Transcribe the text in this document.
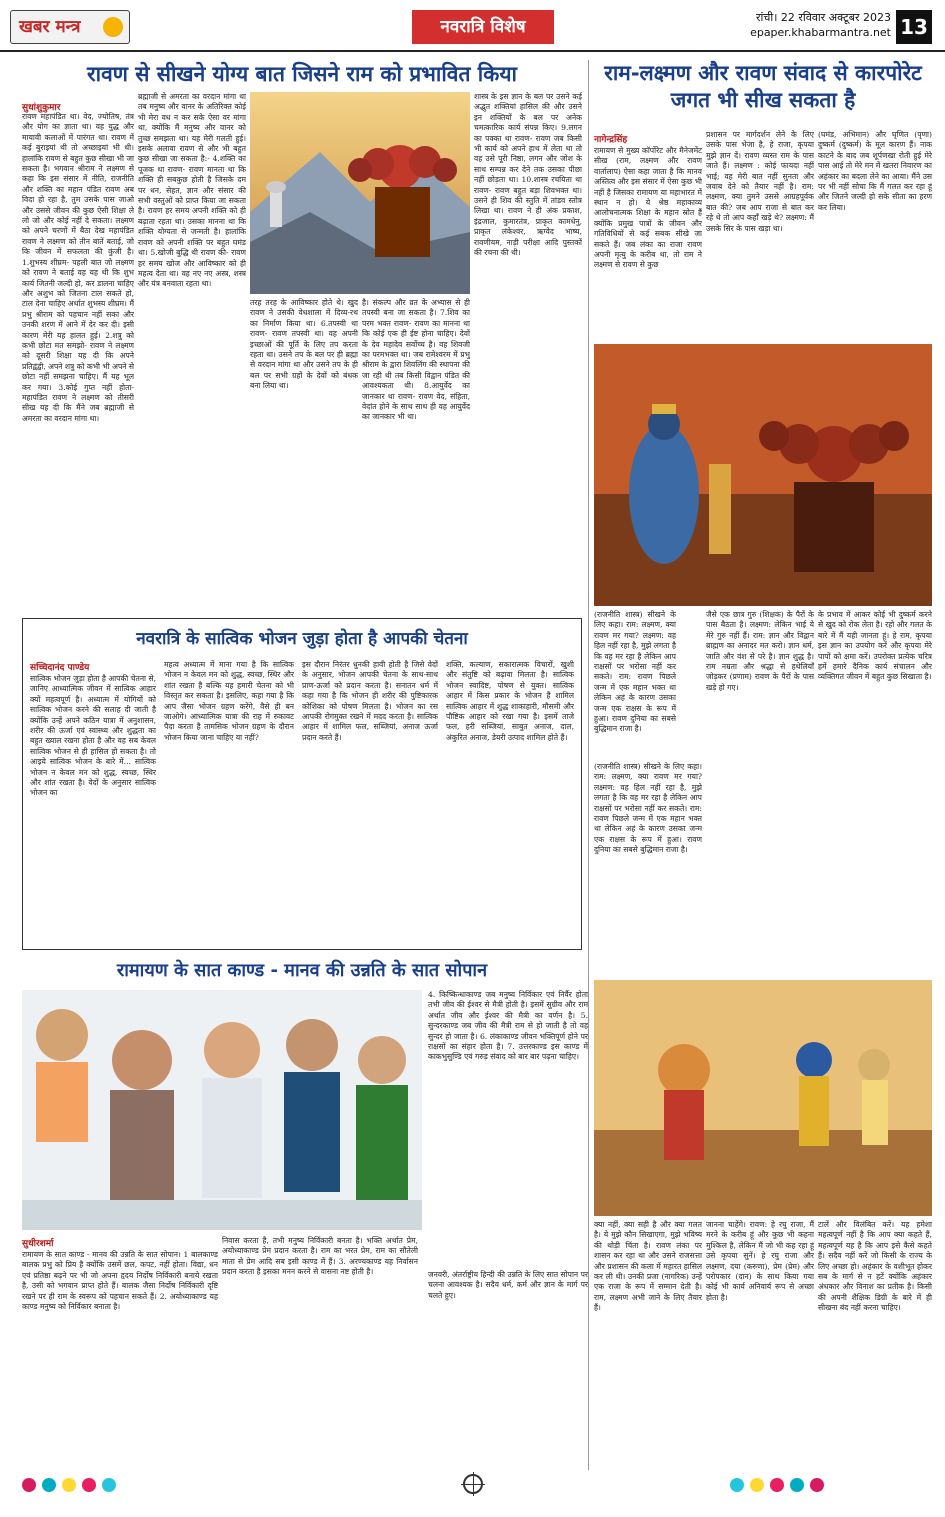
खबर मन्त्र	नवरात्रि विशेष	रांची। 22 रविवार अक्टूबर 2023
epaper.khabarmantra.net 13
रावण से सीखने योग्य बात जिसने राम को प्रभावित किया
सुधांशुकुमार
रावण महापंडित था। वेद, ज्योतिष, तंत्र और योग का ज्ञाता था। वह युद्ध और मायावी कलाओं में पारंगत था। रावण में कई बुराइयां थी तो अच्छाइयां भी थी। हालांकि रावण से बहुत कुछ सीखा भी जा सकता है। भगवान श्रीराम ने लक्ष्मण से कहा कि इस संसार में नीति, राजनीति और शक्ति का महान पंडित रावण अब विदा हो रहा है, तुम उसके पास जाओ और उससे जीवन की कुछ ऐसी शिक्षा ले लो जो और कोई नहीं दे सकता। लक्ष्मण को अपने चरणों में बैठा देख महापंडित रावण ने लक्ष्मण को तीन बातें बताई, जो कि जीवन में सफलता की कुंजी है। 1.शुभस्य शीघ्रम- पहली बात जो लक्ष्मण को रावण ने बताई वह यह थी कि शुभ कार्य जितनी जल्दी हो, कर डालना चाहिए और अशुभ को जितना टाल सकते हो, टाल देना चाहिए अर्थात शुभस्य शीघ्रम। मैं प्रभु श्रीराम को पहचान नहीं सका और उनकी शरण में आने में देर कर दी। इसी कारण मेरी यह हालत हुई। 2.शत्रु को कभी छोटा मत समझो- रावण ने लक्ष्मण को दूसरी शिक्षा यह दी कि अपने प्रतिद्वंद्वी, अपने शत्रु को कभी भी अपने से छोटा नहीं समझना चाहिए। मैं यह भूल कर गया। 3.कोई गुप्त नहीं होता- महापंडित रावण ने लक्ष्मण को तीसरी सीख यह दी कि मैंने जब ब्रह्माजी से अमरता का वरदान मांगा था।
ब्रह्माजी से अमरता का वरदान मांगा था तब मनुष्य और वानर के अतिरिक्त कोई भी मेरा वध न कर सके ऐसा वर मांगा था, क्योंकि मैं मनुष्य और वानर को तुच्छ समझता था। यह मेरी गलती हुई। इसके अलावा रावण से और भी बहुत कुछ सीखा जा सकता है:- 4.शक्ति का पूजक था रावण- रावण मानता था कि शक्ति ही सबकुछ होती है जिसके दम पर धन, सेहत, ज्ञान और संसार की सभी वस्तुओं को प्राप्त किया जा सकता है। रावण हर समय अपनी शक्ति को ही बढ़ाता रहता था। उसका मानना था कि शक्ति योग्यता से जन्मती है। हालांकि रावण को अपनी शक्ति पर बहुत घमंड था। 5.खोजी बुद्धि थी रावण की- रावण हर समय खोज और आविष्कार को ही महत्व देता था। वह नए नए अस्त्र, शस्त्र और यंत्र बनवाता रहता था।
तरह तरह के आविष्कार होते थे। खुद रावण ने उसकी वेधशाला में दिव्य-रथ का निर्माण किया था। 6.तपस्वी था रावण- रावण तपस्वी था। वह अपनी इच्छाओं की पूर्ति के लिए तप करता रहता था। उसने तप के बल पर ही ब्रह्मा से वरदान मांगा था और उसने तप के ही बल पर सभी ग्रहों के देवों को बंधक बना लिया था।
है। संकल्प और व्रत के अभ्यास से ही तपस्वी बना जा सकता है। 7.शिव का परम भक्त रावण- रावण का मानना था कि कोई एक ही ईष्ट होना चाहिए। देवों के देव महादेव सर्वोच्च है। वह शिवजी का परमभक्त था। जब रामेश्वरम में प्रभु श्रीराम के द्वारा शिवलिंग की स्थापना की जा रही थी तब किसी विद्वान पंडित की आवश्यकता थी। 8.आयुर्वेद का जानकार था रावण- रावण वेद, संहिता, वेदांत होने के साथ साथ ही वह आयुर्वेद का जानकार भी था।
शास्त्र के इस ज्ञान के बल पर उसने कई अद्भुत शक्तियां हासिल की और उसने इन शक्तियों के बल पर अनेक चमत्कारिक कार्य संपन्न किए। 9.लगन का पक्का था रावण- रावण जब किसी भी कार्य को अपने हाथ में लेता था तो वह उसे पूरी निष्ठा, लगन और जोश के साथ सम्पन्न कर देने तक उसका पीछा नहीं छोड़ता था। 10.शास्त्र रचयिता था रावण- रावण बहुत बड़ा शिवभक्त था। उसने ही शिव की स्तुति में तांडव स्तोत्र लिखा था। रावण ने ही अंक प्रकाश, इंद्रजाल, कुमारतंत्र, प्राकृत कामधेनु, प्राकृत लंकेश्वर, ऋग्वेद भाष्य, रावणीयम, नाड़ी परीक्षा आदि पुस्तकों की रचना की थी।
राम-लक्ष्मण और रावण संवाद से कारपोरेट जगत भी सीख सकता है
नागेन्द्रसिंह
रामायण से मुख्य कॉर्पोरेट और मैनेजमेंट सीख (राम, लक्ष्मण और रावण वार्तालाप) ऐसा कहा जाता है कि मानव अस्तित्व और इस संसार में ऐसा कुछ भी नहीं है जिसका रामायण या महाभारत में स्थान न हो। ये श्रेष्ठ महाकाव्य आलोचनात्मक शिक्षा के महान स्रोत हैं क्योंकि प्रमुख पात्रों के जीवन और गतिविधियों से कई सबक सीखे जा सकते हैं। जब लंका का राजा रावण अपनी मृत्यु के करीब था, तो राम ने लक्ष्मण से रावण से कुछ
प्रशासन पर मार्गदर्शन लेने के लिए उसके पास भेजा है, हे राजा, कृपया मुझे ज्ञान दें। रावण व्यस्त राम के पास जाते हैं। लक्ष्मण : कोई फायदा नहीं भाई; वह मेरी बात नहीं सुनता और जवाब देने को तैयार नहीं है। राम: लक्ष्मण, क्या तुमने उससे आग्रहपूर्वक बात की? जब आप राजा से बात कर रहे थे तो आप कहाँ खड़े थे? लक्ष्मण: मैं उसके सिर के पास खड़ा था।
(घमंड, अभिमान) और घृणित (पृणा) दुष्कर्म (दुष्कर्म) के मूल कारण हैं। नाक काटने के बाद जब शूर्पणखा रोती हुई मेरे पास आई तो मेरे मन में खतरा निवारण का अहंकार का बदला लेने का आया। मैंने उस पर भी नहीं सोचा कि मैं गलत कर रहा हूं और जितने जल्दी हो सके सीता का हरण कर लिया।
(राजनीति शास्त्र) सीखने के लिए कहा। राम: लक्ष्मण, क्या रावण मर गया? लक्ष्मण: वह हिल नहीं रहा है, मुझे लगता है कि वह मर रहा है लेकिन आप राक्षसों पर भरोसा नहीं कर सकते। राम: रावण पिछले जन्म में एक महान भक्त था लेकिन अहं के कारण उसका जन्म एक राक्षस के रूप में हुआ। रावण दुनिया का सबसे बुद्धिमान राजा है।
जैसे एक छात्र गुरु (शिक्षक) के पैरों के पास बैठता है। लक्ष्मण: लेकिन भाई ये मेरे गुरु नहीं हैं। राम: ज्ञान और विद्वान ब्राह्मण का अनादर मत करो। ज्ञान धर्म, जाति और वंश से परे है। ज्ञान शुद्ध है। राम नम्रता और श्रद्धा से हथेलियाँ जोड़कर (प्रणाम) रावण के पैरों के पास खड़े हो गए।
के प्रभाव में आकर कोई भी दुष्कर्म करने से खुद को रोक लेता है। रहो और गलत के बारे में मैं यही जानता हूं। हे राम, कृपया इस ज्ञान का उपयोग करें और कृपया मेरे पापों को क्षमा करें। उपरोक्त प्रत्येक चरित्र हमें हमारे दैनिक कार्य संचालन और व्यक्तिगत जीवन में बहुत कुछ सिखाता है।
(राजनीति शास्त्र) सीखने के लिए कहा। राम: लक्ष्मण, क्या रावण मर गया? लक्ष्मण: वह हिल नहीं रहा है, मुझे लगता है कि वह मर रहा है लेकिन आप राक्षसों पर भरोसा नहीं कर सकते। राम: रावण पिछले जन्म में एक महान भक्त था लेकिन अहं के कारण उसका जन्म एक राक्षस के रूप में हुआ। रावण दुनिया का सबसे बुद्धिमान राजा है।
क्या नहीं, क्या सही है और क्या गलत है। ये मुझे कौन सिखाएगा, मुझे भविष्य की थोड़ी चिंता है। रावण लंका पर शासन कर रहा था और उसने राजसत्ता और प्रशासन की कला में महारत हासिल कर ली थी। उनकी प्रजा (नागरिक) उन्हें एक राजा के रूप में सम्मान देती है। राम, लक्ष्मण अभी जाने के लिए तैयार हैं।
जानना चाहेंगे। रावण: हे रघु राजा, मैं मरने के करीब हूं और कुछ भी कहना मुश्किल है, लेकिन मैं जो भी कह रहा हूं उसे कृपया सुनें। हे रघु राजा और लक्ष्मण, दया (करुणा), प्रेम (प्रेम) और परोपकार (दान) के साथ किया गया कोई भी कार्य अनिवार्य रूप से अच्छा होता है।
टालें और विलंबित करें। यह हमेशा महत्वपूर्ण नहीं है कि आप क्या कहते हैं, महत्वपूर्ण यह है कि आप इसे कैसे कहते हैं। सदैव नहीं करें जो किसी के राज्य के लिए अच्छा हो। अहंकार के वशीभूत होकर सब के मार्ग से न हटें क्योंकि अहंकार अंधकार और विनाश का प्रतीक है। किसी की अपनी शैक्षिक डिग्री के बारे में ही सीखना बंद नहीं करना चाहिए।
नवरात्रि के सात्विक भोजन जुड़ा होता है आपकी चेतना
सच्चिदानंद पाण्डेय
सात्विक भोजन जुड़ा होता है आपकी चेतना से, जानिए आध्यात्मिक जीवन में सात्विक आहार क्यों महत्वपूर्ण है। अध्यात्म में योगियों को सात्विक भोजन करने की सलाह दी जाती है क्योंकि उन्हें अपने कठिन यात्रा में अनुशासन, शरीर की ऊर्जा एवं स्वास्थ्य और शुद्धता का बहुत ख्याल रखना होता है और वह सब केवल सात्विक भोजन से ही हासिल हो सकता है। तो आइये सात्विक भोजन के बारे में... सात्विक भोजन न केवल मन को शुद्ध, स्वच्छ, स्थिर और शांत रखता है। वेदों के अनुसार सात्विक भोजन का
महत्व अध्यात्म में माना गया है कि सात्विक भोजन न केवल मन को शुद्ध, स्वच्छ, स्थिर और शांत रखता है बल्कि यह हमारी चेतना को भी विस्तृत कर सकता है। इसलिए, कहा गया है कि आप जैसा भोजन ग्रहण करेंगे, वैसे ही बन जाओगे। आध्यात्मिक यात्रा की राह में रुकावट पैदा करता है तामसिक भोजन ग्रहण के दौरान भोजन किया जाना चाहिए या नहीं?
इस दौरान निरंतर धुनकी हावी होती है जिसे वेदों के अनुसार, भोजन आपकी चेतना के साथ-साथ प्राण-ऊर्जा को प्रदान करता है। सनातन धर्म में कहा गया है कि भोजन ही शरीर की पुष्टिकारक कोशिका को पोषण मिलता है। भोजन का रस आपकी रोगमुक्त रखने में मदद करता है। सात्विक आहार में शामिल फल, सब्जियां, अनाज ऊर्जा प्रदान करते हैं।
शक्ति, कल्याण, सकारात्मक विचारों, खुशी और संतुष्टि को बढ़ावा मिलता है। सात्विक भोजन स्वादिष्ट, पोषण से युक्त। सात्विक आहार में किस प्रकार के भोजन हैं शामिल सात्विक आहार में शुद्ध शाकाहारी, मौसमी और पौष्टिक आहार को रखा गया है। इसमें ताजे फल, हरी सब्जियां, साबुत अनाज, दाल, अंकुरित अनाज, डेयरी उत्पाद शामिल होते हैं।
रामायण के सात काण्ड - मानव की उन्नति के सात सोपान
4. किष्किन्धाकाण्ड जब मनुष्य निर्विकार एवं निर्वैर होता तभी जीव की ईश्वर से मैत्री होती है। इसमें सुग्रीव और राम अर्थात जीव और ईश्वर की मैत्री का वर्णन है। 5. सुन्दरकाण्ड जब जीव की मैत्री राम से हो जाती है तो वह सुन्दर हो जाता है। 6. लंकाकाण्ड जीवन भक्तिपूर्ण होने पर राक्षसों का संहार होता है। 7. उत्तरकाण्ड इस काण्ड में काकभुसुण्डि एवं गरुड़ संवाद को बार बार पढ़ना चाहिए।
सुधीरशर्मा
रामायण के सात काण्ड - मानव की उन्नति के सात सोपान। 1 बालकाण्ड बालक प्रभु को प्रिय है क्योंकि उसमें छल, कपट, नहीं होता। विद्या, धन एवं प्रतिष्ठा बढ़ने पर भी जो अपना हृदय निर्दोष निर्विकारी बनाये रखता है, उसी को भगवान प्राप्त होते हैं। बालक जैसा निर्दोष निर्विकारी दृष्टि रखने पर ही राम के स्वरूप को पहचान सकते हैं। 2. अयोध्याकाण्ड यह काण्ड मनुष्य को निर्विकार बनाता है।
निवास करता है, तभी मनुष्य निर्विकारी बनता है। भक्ति अर्थात प्रेम, अयोध्याकाण्ड प्रेम प्रदान करता है। राम का भरत प्रेम, राम का सौतेली माता से प्रेम आदि सब इसी काण्ड में हैं। 3. अरण्यकाण्ड यह निर्वासन प्रदान करता है इसका मनन करने से वासना नष्ट होती है।	जनवरी, अंतर्राष्ट्रीय हिन्दी की उन्नति के लिए सात सोपान पर चलना आवश्यक है। सदैव धर्म, कर्म और ज्ञान के मार्ग पर चलते हुए।
